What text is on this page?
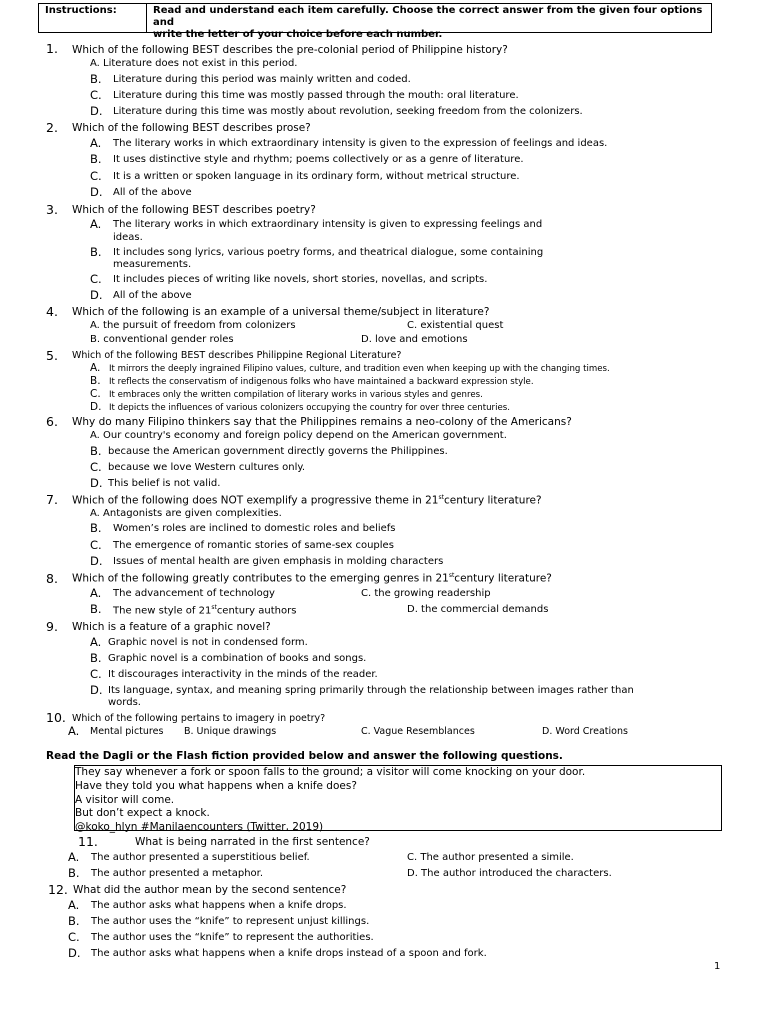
Instructions:	Read and understand each item carefully. Choose the correct answer from the given four options and
write the letter of your choice before each number.
1. Which of the following BEST describes the pre-colonial period of Philippine history?
A. Literature does not exist in this period.
B. Literature during this period was mainly written and coded.
C. Literature during this time was mostly passed through the mouth: oral literature.
D. Literature during this time was mostly about revolution, seeking freedom from the colonizers.
2. Which of the following BEST describes prose?
A. The literary works in which extraordinary intensity is given to the expression of feelings and ideas.
B. It uses distinctive style and rhythm; poems collectively or as a genre of literature.
C. It is a written or spoken language in its ordinary form, without metrical structure.
D. All of the above
3. Which of the following BEST describes poetry?
A. The literary works in which extraordinary intensity is given to expressing feelings and
ideas.
B. It includes song lyrics, various poetry forms, and theatrical dialogue, some containing
measurements.
C. It includes pieces of writing like novels, short stories, novellas, and scripts.
D. All of the above
4. Which of the following is an example of a universal theme/subject in literature?
A. the pursuit of freedom from colonizers	C. existential quest
B. conventional gender roles	D. love and emotions
5. Which of the following BEST describes Philippine Regional Literature?
A. It mirrors the deeply ingrained Filipino values, culture, and tradition even when keeping up with the changing times.
B. It reflects the conservatism of indigenous folks who have maintained a backward expression style.
C. It embraces only the written compilation of literary works in various styles and genres.
D. It depicts the influences of various colonizers occupying the country for over three centuries.
6. Why do many Filipino thinkers say that the Philippines remains a neo-colony of the Americans?
A. Our country's economy and foreign policy depend on the American government.
B. because the American government directly governs the Philippines.
C. because we love Western cultures only.
D. This belief is not valid.
7. Which of the following does NOT exemplify a progressive theme in 21stcentury literature?
A. Antagonists are given complexities.
B. Women’s roles are inclined to domestic roles and beliefs
C. The emergence of romantic stories of same-sex couples
D. Issues of mental health are given emphasis in molding characters
8. Which of the following greatly contributes to the emerging genres in 21stcentury literature?
A. The advancement of technology	C. the growing readership
B. The new style of 21stcentury authors	D. the commercial demands
9. Which is a feature of a graphic novel?
A. Graphic novel is not in condensed form.
B. Graphic novel is a combination of books and songs.
C. It discourages interactivity in the minds of the reader.
D. Its language, syntax, and meaning spring primarily through the relationship between images rather than
words.
10. Which of the following pertains to imagery in poetry?
A. Mental pictures B. Unique drawings	C. Vague Resemblances	D. Word Creations
Read the Dagli or the Flash fiction provided below and answer the following questions.
They say whenever a fork or spoon falls to the ground; a visitor will come knocking on your door.
Have they told you what happens when a knife does?
A visitor will come.
But don’t expect a knock.
@koko_hlyn #Manilaencounters (Twitter, 2019)
11.	What is being narrated in the first sentence?
A. The author presented a superstitious belief.	C. The author presented a simile.
B. The author presented a metaphor.	D. The author introduced the characters.
12. What did the author mean by the second sentence?
A. The author asks what happens when a knife drops.
B. The author uses the “knife” to represent unjust killings.
C. The author uses the “knife” to represent the authorities.
D. The author asks what happens when a knife drops instead of a spoon and fork.
1
